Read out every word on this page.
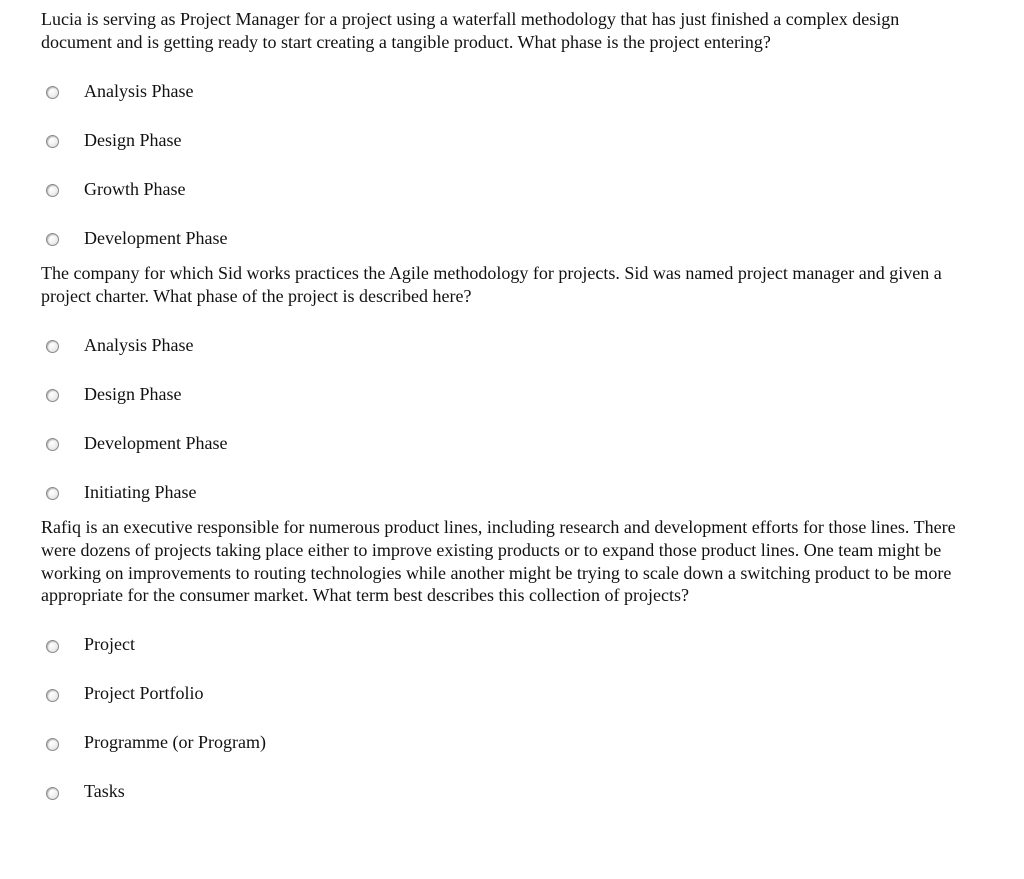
Lucia is serving as Project Manager for a project using a waterfall methodology that has just finished a complex design document and is getting ready to start creating a tangible product. What phase is the project entering?

Analysis Phase
Design Phase
Growth Phase
Development Phase

The company for which Sid works practices the Agile methodology for projects. Sid was named project manager and given a project charter. What phase of the project is described here?

Analysis Phase
Design Phase
Development Phase
Initiating Phase

Rafiq is an executive responsible for numerous product lines, including research and development efforts for those lines. There were dozens of projects taking place either to improve existing products or to expand those product lines. One team might be working on improvements to routing technologies while another might be trying to scale down a switching product to be more appropriate for the consumer market. What term best describes this collection of projects?

Project
Project Portfolio
Programme (or Program)
Tasks
